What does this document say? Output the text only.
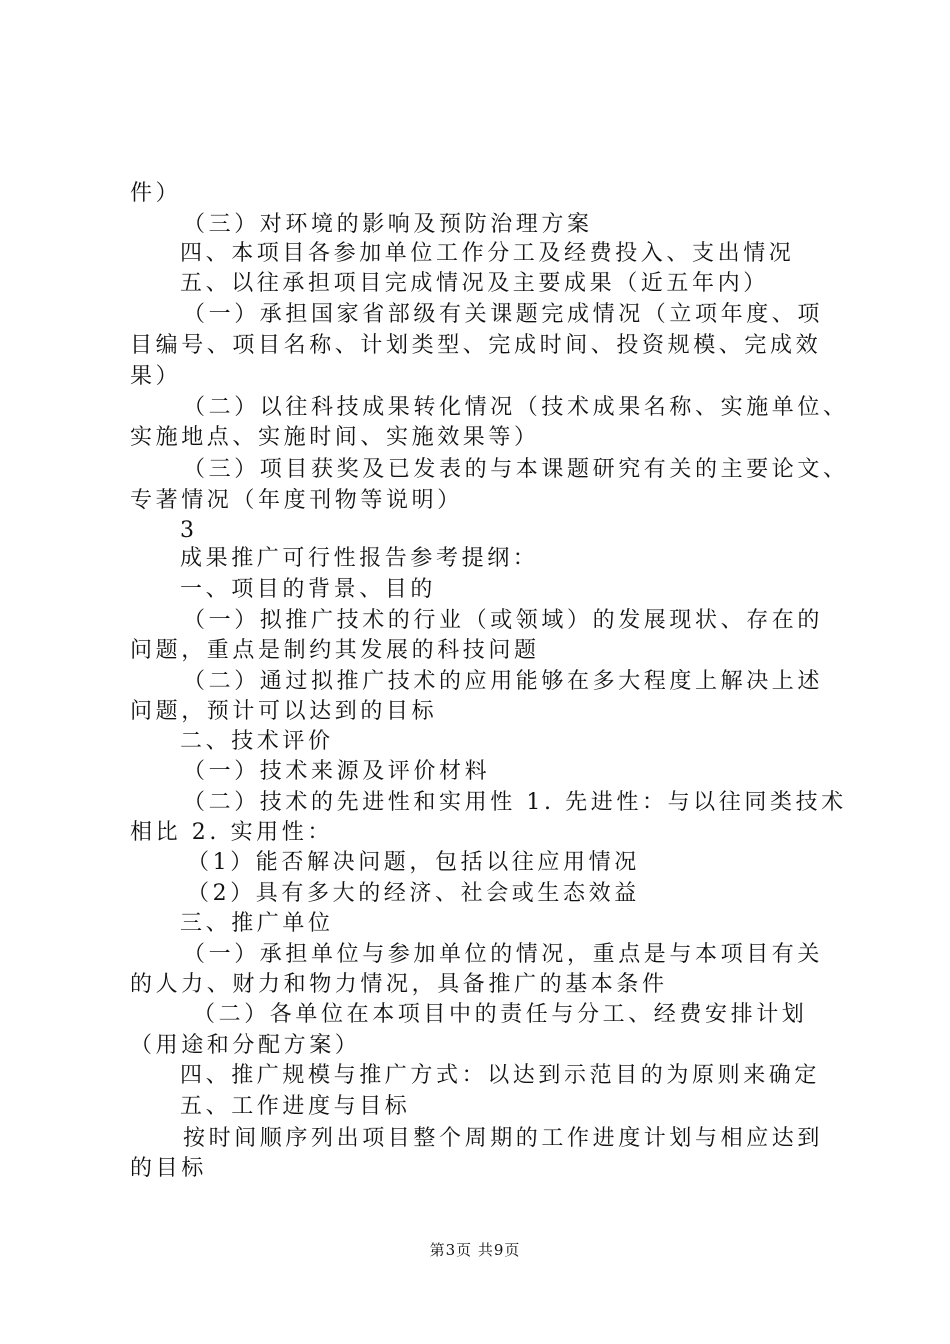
件）
（三）对环境的影响及预防治理方案
四、本项目各参加单位工作分工及经费投入、支出情况
五、以往承担项目完成情况及主要成果（近五年内）
（一）承担国家省部级有关课题完成情况（立项年度、项
目编号、项目名称、计划类型、完成时间、投资规模、完成效
果）
（二）以往科技成果转化情况（技术成果名称、实施单位、
实施地点、实施时间、实施效果等）
（三）项目获奖及已发表的与本课题研究有关的主要论文、
专著情况（年度刊物等说明）
3
成果推广可行性报告参考提纲：
一、项目的背景、目的
（一）拟推广技术的行业（或领域）的发展现状、存在的
问题，重点是制约其发展的科技问题
（二）通过拟推广技术的应用能够在多大程度上解决上述
问题，预计可以达到的目标
二、技术评价
（一）技术来源及评价材料
（二）技术的先进性和实用性 1. 先进性：与以往同类技术
相比 2. 实用性：
（1）能否解决问题，包括以往应用情况
（2）具有多大的经济、社会或生态效益
三、推广单位
（一）承担单位与参加单位的情况，重点是与本项目有关
的人力、财力和物力情况，具备推广的基本条件
（二）各单位在本项目中的责任与分工、经费安排计划
（用途和分配方案）
四、推广规模与推广方式：以达到示范目的为原则来确定
五、工作进度与目标
按时间顺序列出项目整个周期的工作进度计划与相应达到
的目标
第3页 共9页
